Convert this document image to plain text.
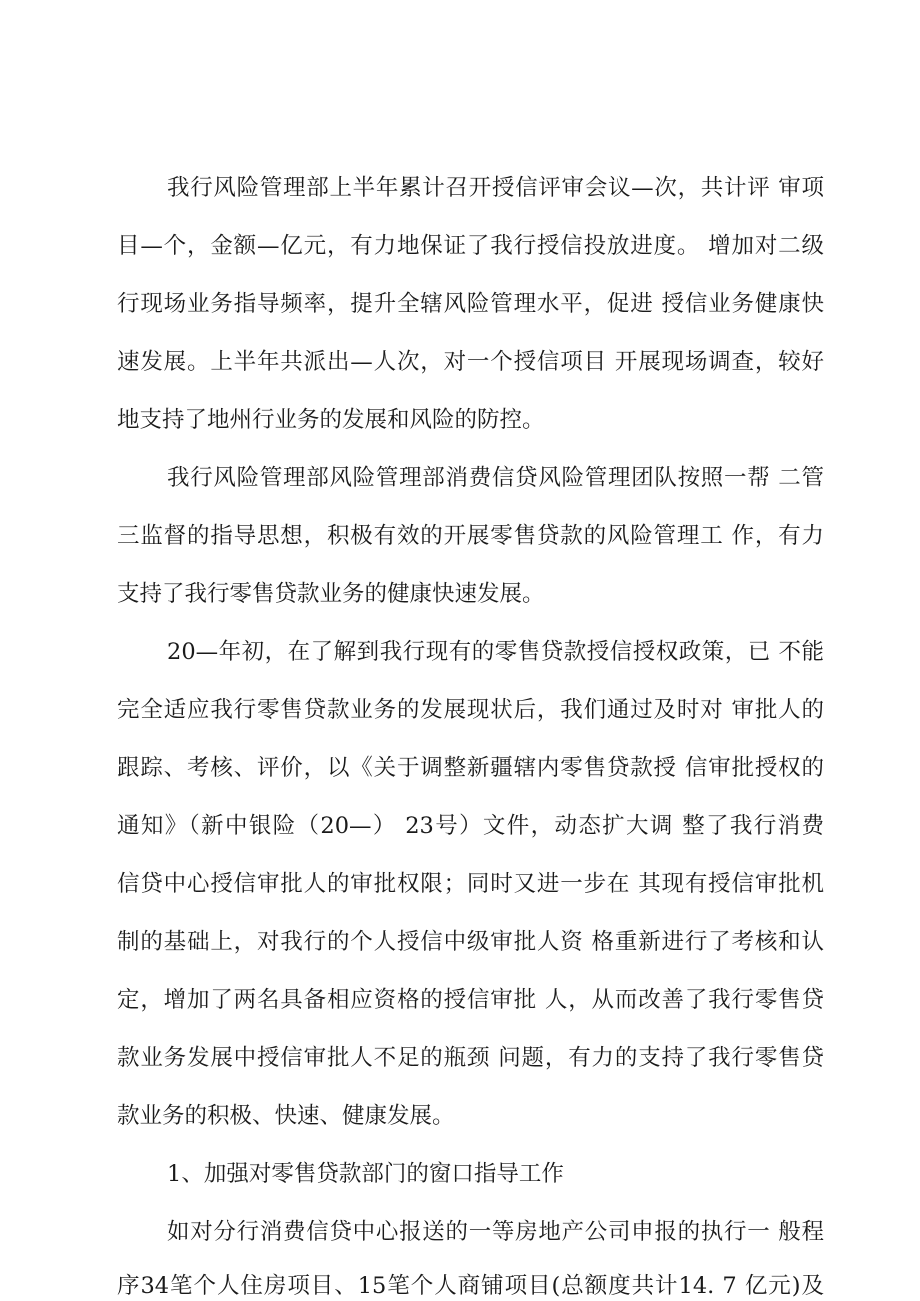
我行风险管理部上半年累计召开授信评审会议—次，共计评 审项
目—个，金额—亿元，有力地保证了我行授信投放进度。 增加对二级
行现场业务指导频率，提升全辖风险管理水平，促进 授信业务健康快
速发展。上半年共派出—人次，对一个授信项目 开展现场调查，较好
地支持了地州行业务的发展和风险的防控。
我行风险管理部风险管理部消费信贷风险管理团队按照一帮 二管
三监督的指导思想，积极有效的开展零售贷款的风险管理工 作，有力
支持了我行零售贷款业务的健康快速发展。
20—年初，在了解到我行现有的零售贷款授信授权政策，已 不能
完全适应我行零售贷款业务的发展现状后，我们通过及时对 审批人的
跟踪、考核、评价，以《关于调整新疆辖内零售贷款授 信审批授权的
通知》（新中银险（20—） 23号）文件，动态扩大调 整了我行消费
信贷中心授信审批人的审批权限；同时又进一步在 其现有授信审批机
制的基础上，对我行的个人授信中级审批人资 格重新进行了考核和认
定，增加了两名具备相应资格的授信审批 人，从而改善了我行零售贷
款业务发展中授信审批人不足的瓶颈 问题，有力的支持了我行零售贷
款业务的积极、快速、健康发展。
1、加强对零售贷款部门的窗口指导工作
如对分行消费信贷中心报送的一等房地产公司申报的执行一 般程
序34笔个人住房项目、15笔个人商铺项目(总额度共计14. 7 亿元)及
